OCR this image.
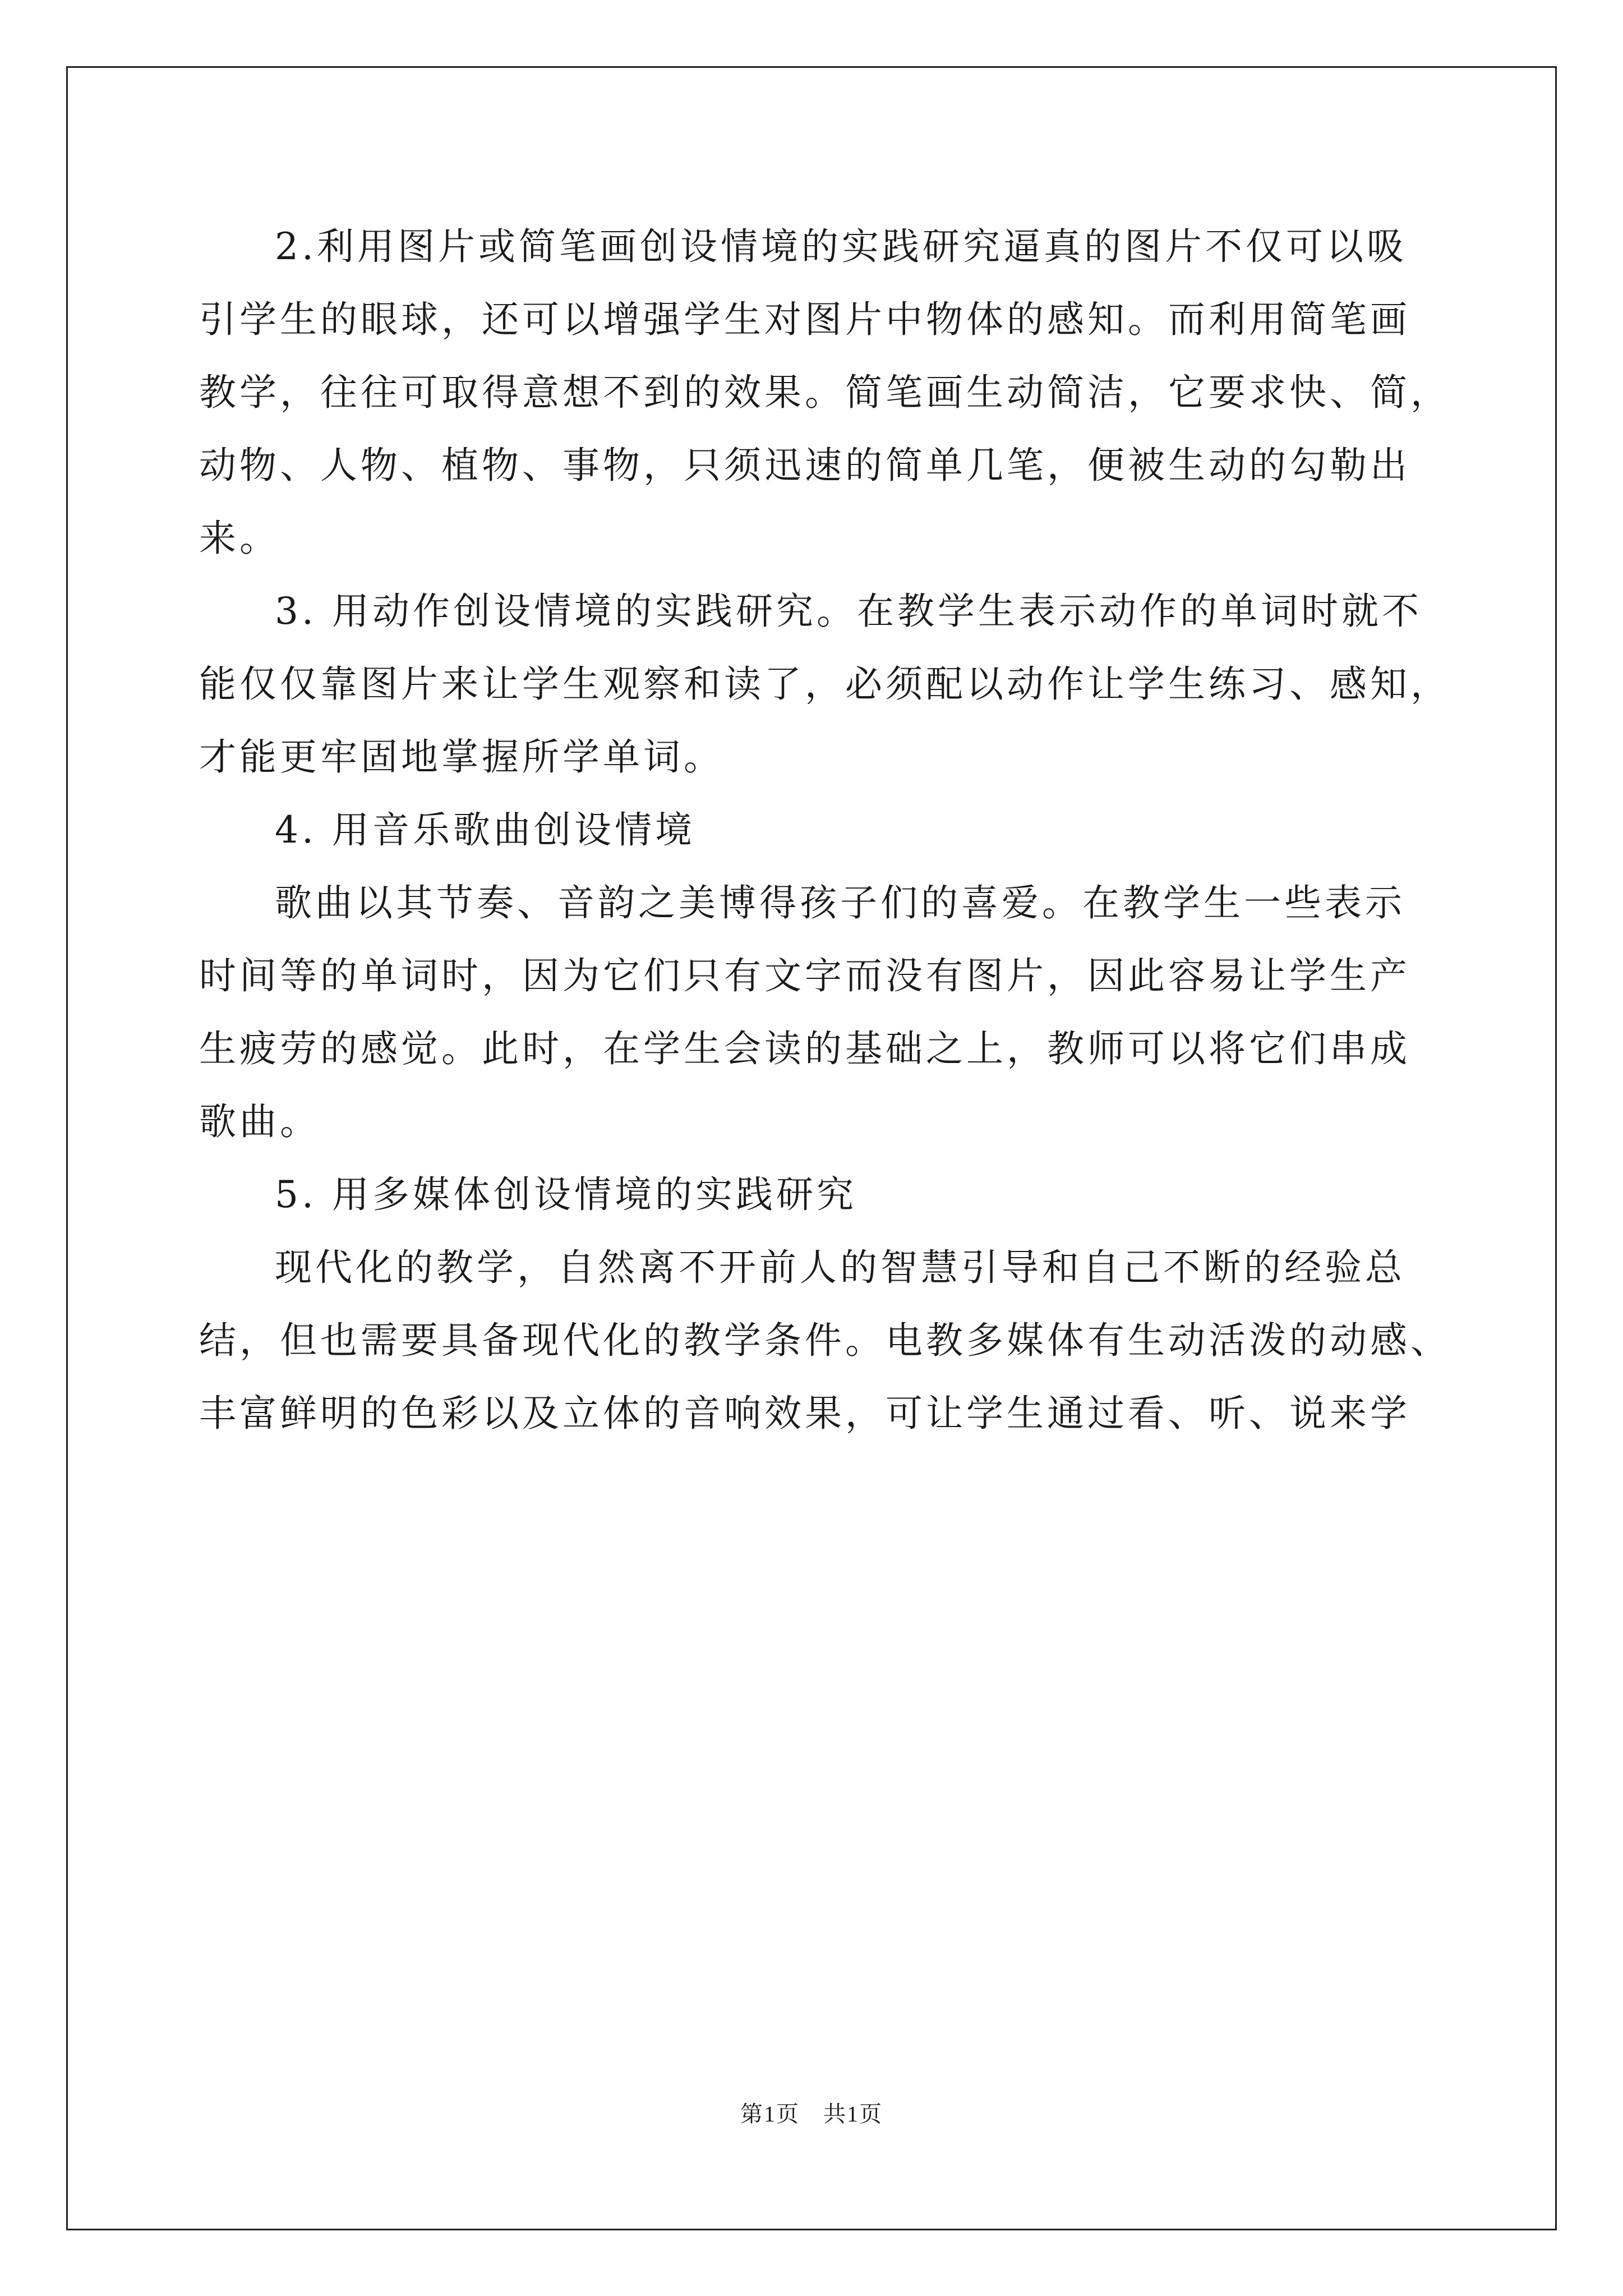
2.利用图片或简笔画创设情境的实践研究逼真的图片不仅可以吸
引学生的眼球，还可以增强学生对图片中物体的感知。而利用简笔画
教学，往往可取得意想不到的效果。简笔画生动简洁，它要求快、简，
动物、人物、植物、事物，只须迅速的简单几笔，便被生动的勾勒出
来。
3. 用动作创设情境的实践研究。在教学生表示动作的单词时就不
能仅仅靠图片来让学生观察和读了，必须配以动作让学生练习、感知，
才能更牢固地掌握所学单词。
4. 用音乐歌曲创设情境
歌曲以其节奏、音韵之美博得孩子们的喜爱。在教学生一些表示
时间等的单词时，因为它们只有文字而没有图片，因此容易让学生产
生疲劳的感觉。此时，在学生会读的基础之上，教师可以将它们串成
歌曲。
5. 用多媒体创设情境的实践研究
现代化的教学，自然离不开前人的智慧引导和自己不断的经验总
结，但也需要具备现代化的教学条件。电教多媒体有生动活泼的动感、
丰富鲜明的色彩以及立体的音响效果，可让学生通过看、听、说来学
第1页　共1页
